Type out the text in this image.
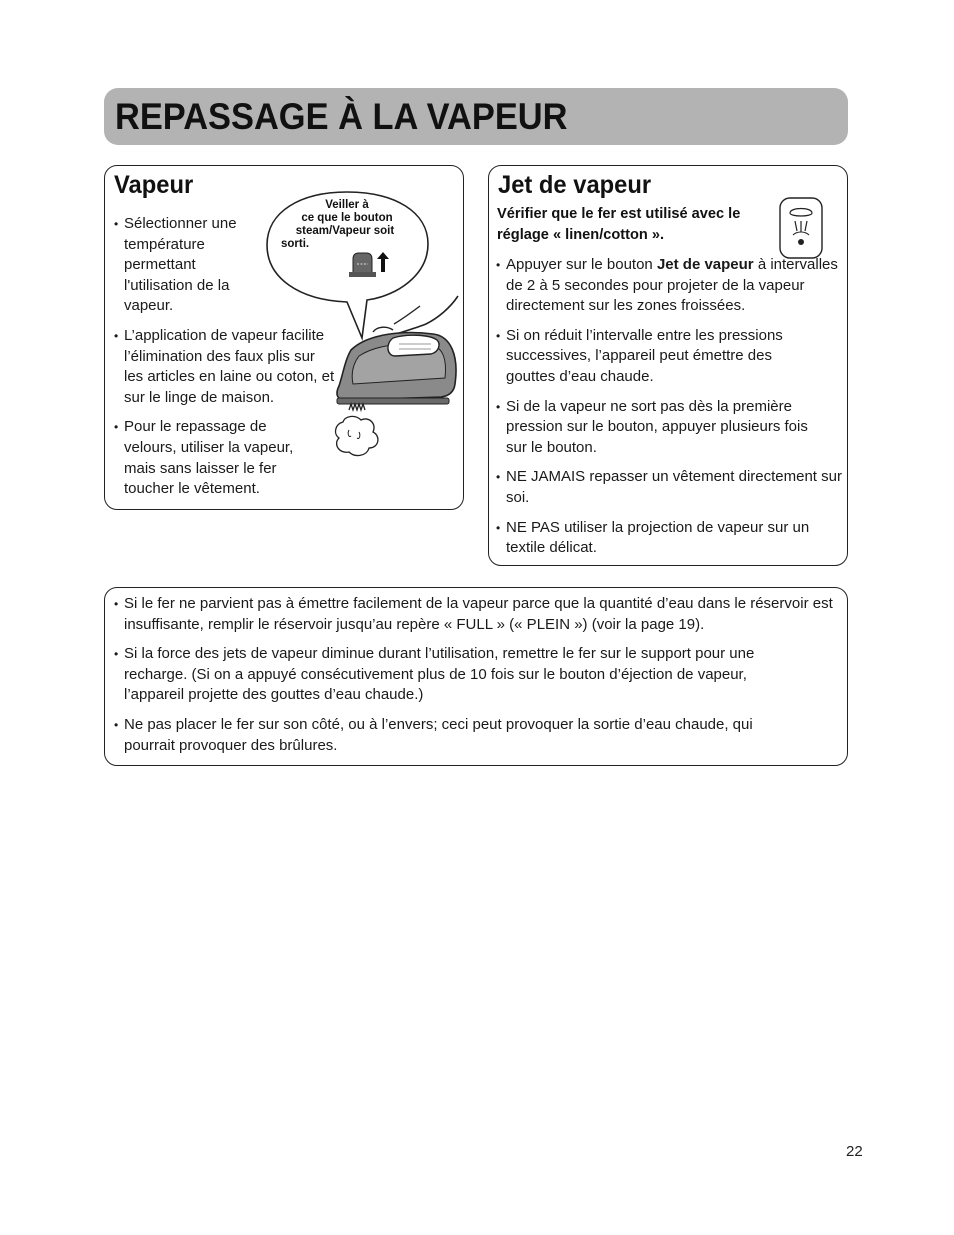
REPASSAGE À LA VAPEUR
Vapeur
• Sélectionner une température permettant l'utilisation de la vapeur.
• L’application de vapeur facilite l’élimination des faux plis sur les articles en laine ou coton, et sur le linge de maison.
• Pour le repassage de velours, utiliser la vapeur, mais sans laisser le fer toucher le vêtement.
Veiller à
ce que le bouton
steam/Vapeur soit
sorti.
Jet de vapeur
Vérifier que le fer est utilisé avec le réglage « linen/cotton ».
• Appuyer sur le bouton Jet de vapeur à intervalles de 2 à 5 secondes pour projeter de la vapeur directement sur les zones froissées.
• Si on réduit l’intervalle entre les pressions successives, l’appareil peut émettre des gouttes d’eau chaude.
• Si de la vapeur ne sort pas dès la première pression sur le bouton, appuyer plusieurs fois sur le bouton.
• NE JAMAIS repasser un vêtement directement sur soi.
• NE PAS utiliser la projection de vapeur sur un textile délicat.
• Si le fer ne parvient pas à émettre facilement de la vapeur parce que la quantité d’eau dans le réservoir est insuffisante, remplir le réservoir jusqu’au repère « FULL » (« PLEIN ») (voir la page 19).
• Si la force des jets de vapeur diminue durant l’utilisation, remettre le fer sur le support pour une recharge. (Si on a appuyé consécutivement plus de 10 fois sur le bouton d’éjection de vapeur, l’appareil projette des gouttes d’eau chaude.)
• Ne pas placer le fer sur son côté, ou à l’envers; ceci peut provoquer la sortie d’eau chaude, qui pourrait provoquer des brûlures.
22
